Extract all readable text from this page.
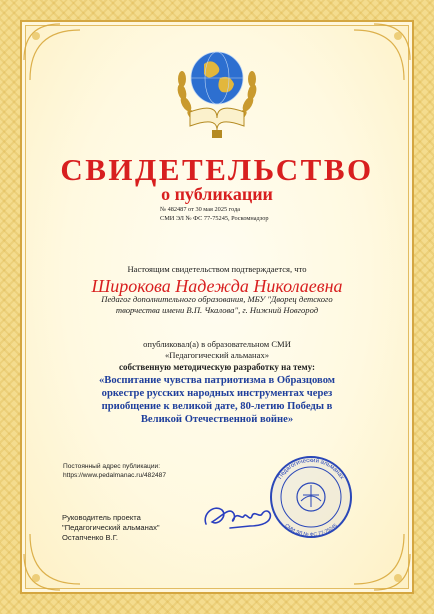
СВИДЕТЕЛЬСТВО
о публикации
№ 482487 от 30 мая 2025 года
СМИ ЭЛ № ФС 77-75245, Роскомнадзор
Настоящим свидетельством подтверждается, что
Широкова Надежда Николаевна
Педагог дополнительного образования, МБУ "Дворец детского
творчества имени В.П. Чкалова", г. Нижний Новгород
опубликовал(а) в образовательном СМИ
«Педагогический альманах»
собственную методическую разработку на тему:
«Воспитание чувства патриотизма в Образцовом
оркестре русских народных инструментах через
приобщение к великой дате, 80-летию Победы в
Великой Отечественной войне»
Постоянный адрес публикации:
https://www.pedalmanac.ru/482487
Руководитель проекта
"Педагогический альманах"
Остапченко В.Г.
Педагогический альманах
СМИ ЭЛ № ФС 77-75245
